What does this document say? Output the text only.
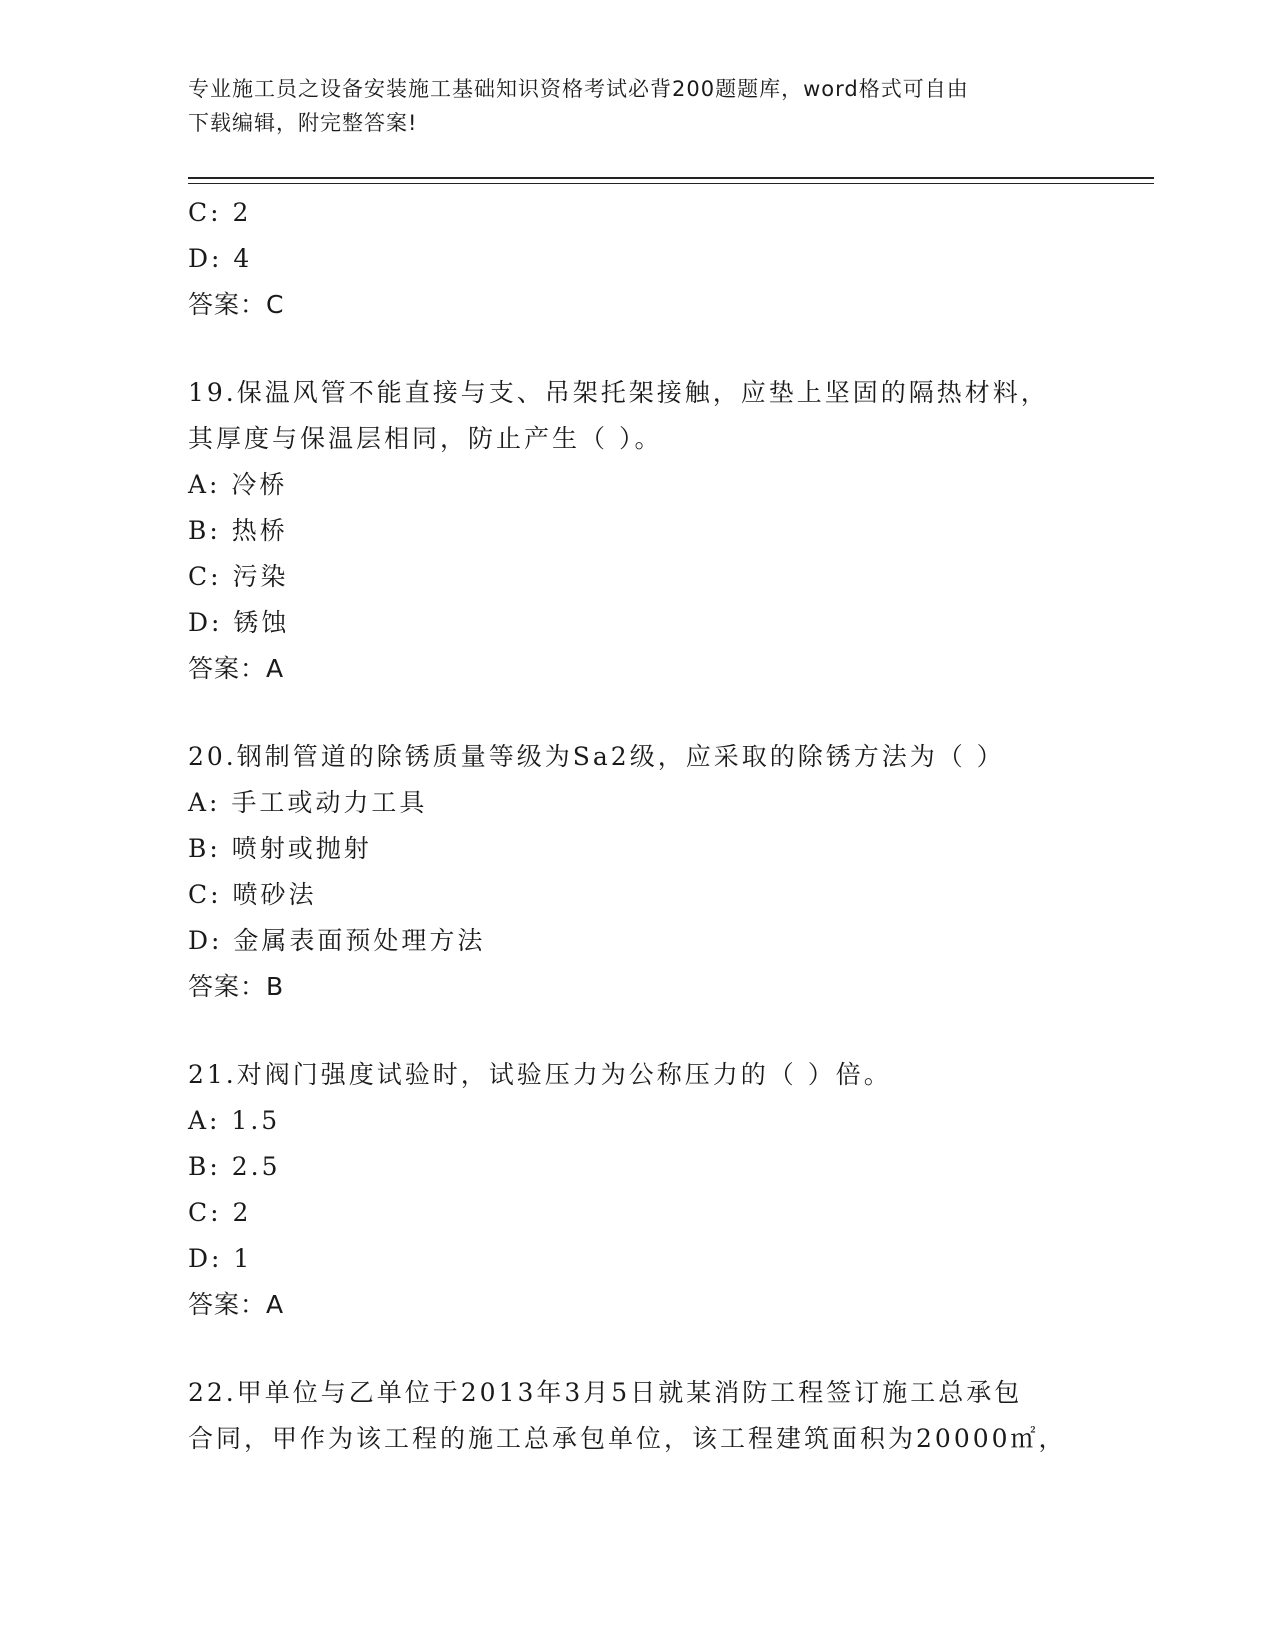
专业施工员之设备安装施工基础知识资格考试必背200题题库，word格式可自由
下载编辑，附完整答案!
C: 2
D: 4
答案：C
19.保温风管不能直接与支、吊架托架接触，应垫上坚固的隔热材料，
其厚度与保温层相同，防止产生（ ）。
A: 冷桥
B: 热桥
C: 污染
D: 锈蚀
答案：A
20.钢制管道的除锈质量等级为Sa2级，应采取的除锈方法为（ ）
A: 手工或动力工具
B: 喷射或抛射
C: 喷砂法
D: 金属表面预处理方法
答案：B
21.对阀门强度试验时，试验压力为公称压力的（ ）倍。
A: 1.5
B: 2.5
C: 2
D: 1
答案：A
22.甲单位与乙单位于2013年3月5日就某消防工程签订施工总承包
合同，甲作为该工程的施工总承包单位，该工程建筑面积为20000㎡，
